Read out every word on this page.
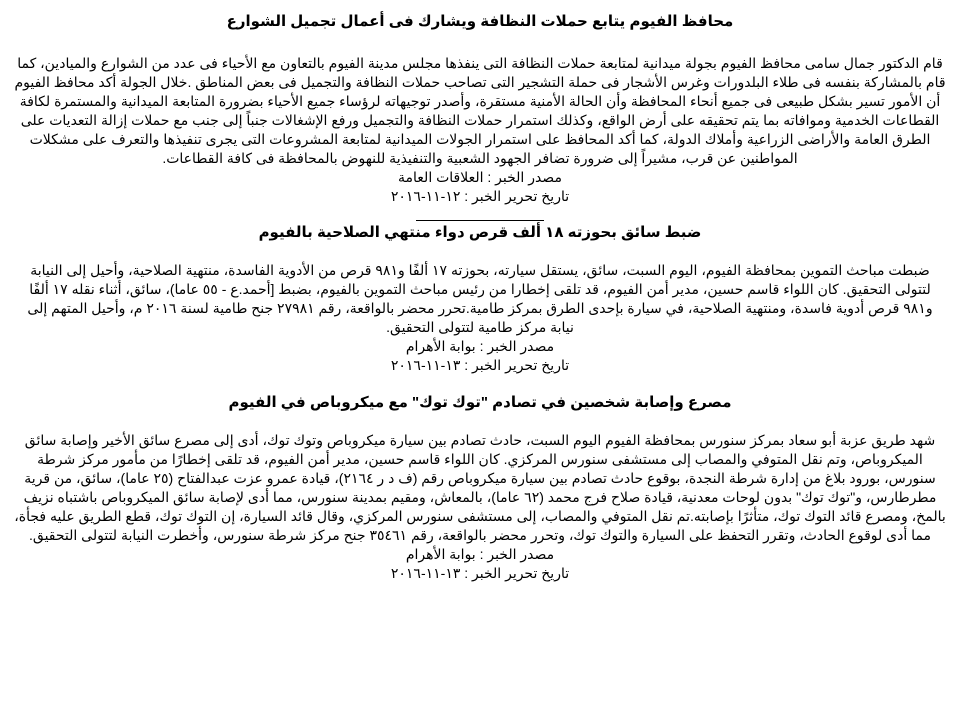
محافظ الفيوم يتابع حملات النظافة ويشارك فى أعمال تجميل الشوارع

قام الدكتور جمال سامى محافظ الفيوم بجولة ميدانية لمتابعة حملات النظافة التى ينفذها مجلس مدينة الفيوم بالتعاون مع الأحياء فى عدد من الشوارع والميادين، كما قام بالمشاركة بنفسه فى طلاء البلدورات وغرس الأشجار فى حملة التشجير التى تصاحب حملات النظافة والتجميل فى بعض المناطق .خلال الجولة أكد محافظ الفيوم أن الأمور تسير بشكل طبيعى فى جميع أنحاء المحافظة وأن الحالة الأمنية مستقرة، وأصدر توجيهاته لرؤساء جميع الأحياء بضرورة المتابعة الميدانية والمستمرة لكافة القطاعات الخدمية وموافاته بما يتم تحقيقه على أرض الواقع، وكذلك استمرار حملات النظافة والتجميل ورفع الإشغالات جنباً إلى جنب مع حملات إزالة التعديات على الطرق العامة والأراضى الزراعية وأملاك الدولة، كما أكد المحافظ على استمرار الجولات الميدانية لمتابعة المشروعات التى يجرى تنفيذها والتعرف على مشكلات المواطنين عن قرب، مشيراً إلى ضرورة تضافر الجهود الشعبية والتنفيذية للنهوض بالمحافظة فى كافة القطاعات.

مصدر الخبر : العلاقات العامة

تاريخ تحرير الخبر : ١٢-١١-٢٠١٦

ضبط سائق بحوزته ١٨ ألف قرص دواء منتهي الصلاحية بالفيوم

ضبطت مباحث التموين بمحافظة الفيوم، اليوم السبت، سائق، يستقل سيارته، بحوزته ١٧ ألفًا و٩٨١ قرص من الأدوية الفاسدة، منتهية الصلاحية، وأحيل إلى النيابة لتتولى التحقيق. كان اللواء قاسم حسين، مدير أمن الفيوم، قد تلقى إخطارا من رئيس مباحث التموين بالفيوم، بضبط [أحمد.ع - ٥٥ عاما)، سائق، أثناء نقله ١٧ ألفًا و٩٨١ قرص أدوية فاسدة، ومنتهية الصلاحية، في سيارة بإحدى الطرق بمركز طامية.تحرر محضر بالواقعة، رقم ٢٧٩٨١ جنح طامية لسنة ٢٠١٦ م، وأحيل المتهم إلى نيابة مركز طامية لتتولى التحقيق.

مصدر الخبر : بوابة الأهرام

تاريخ تحرير الخبر : ١٣-١١-٢٠١٦

مصرع وإصابة شخصين في تصادم "توك توك" مع ميكروباص في الفيوم

شهد طريق عزبة أبو سعاد بمركز سنورس بمحافظة الفيوم اليوم السبت، حادث تصادم بين سيارة ميكروباص وتوك توك، أدى إلى مصرع سائق الأخير وإصابة سائق الميكروباص، وتم نقل المتوفي والمصاب إلى مستشفى سنورس المركزي. كان اللواء قاسم حسين، مدير أمن الفيوم، قد تلقى إخطارًا من مأمور مركز شرطة سنورس، بورود بلاغ من إدارة شرطة النجدة، بوقوع حادث تصادم بين سيارة ميكروباص رقم (ف د ر ٢١٦٤)، قيادة عمرو عزت عبدالفتاح (٢٥ عاما)، سائق، من قرية مطرطارس، و"توك توك" بدون لوحات معدنية، قيادة صلاح فرج محمد (٦٢ عاما)، بالمعاش، ومقيم بمدينة سنورس، مما أدى لإصابة سائق الميكروباص باشتباه نزيف بالمخ، ومصرع قائد التوك توك، متأثرًا بإصابته.تم نقل المتوفي والمصاب، إلى مستشفى سنورس المركزي، وقال قائد السيارة، إن التوك توك، قطع الطريق عليه فجأة، مما أدى لوقوع الحادث، وتقرر التحفظ على السيارة والتوك توك، وتحرر محضر بالواقعة، رقم ٣٥٤٦١ جنح مركز شرطة سنورس، وأخطرت النيابة لتتولى التحقيق.

مصدر الخبر : بوابة الأهرام

تاريخ تحرير الخبر : ١٣-١١-٢٠١٦
